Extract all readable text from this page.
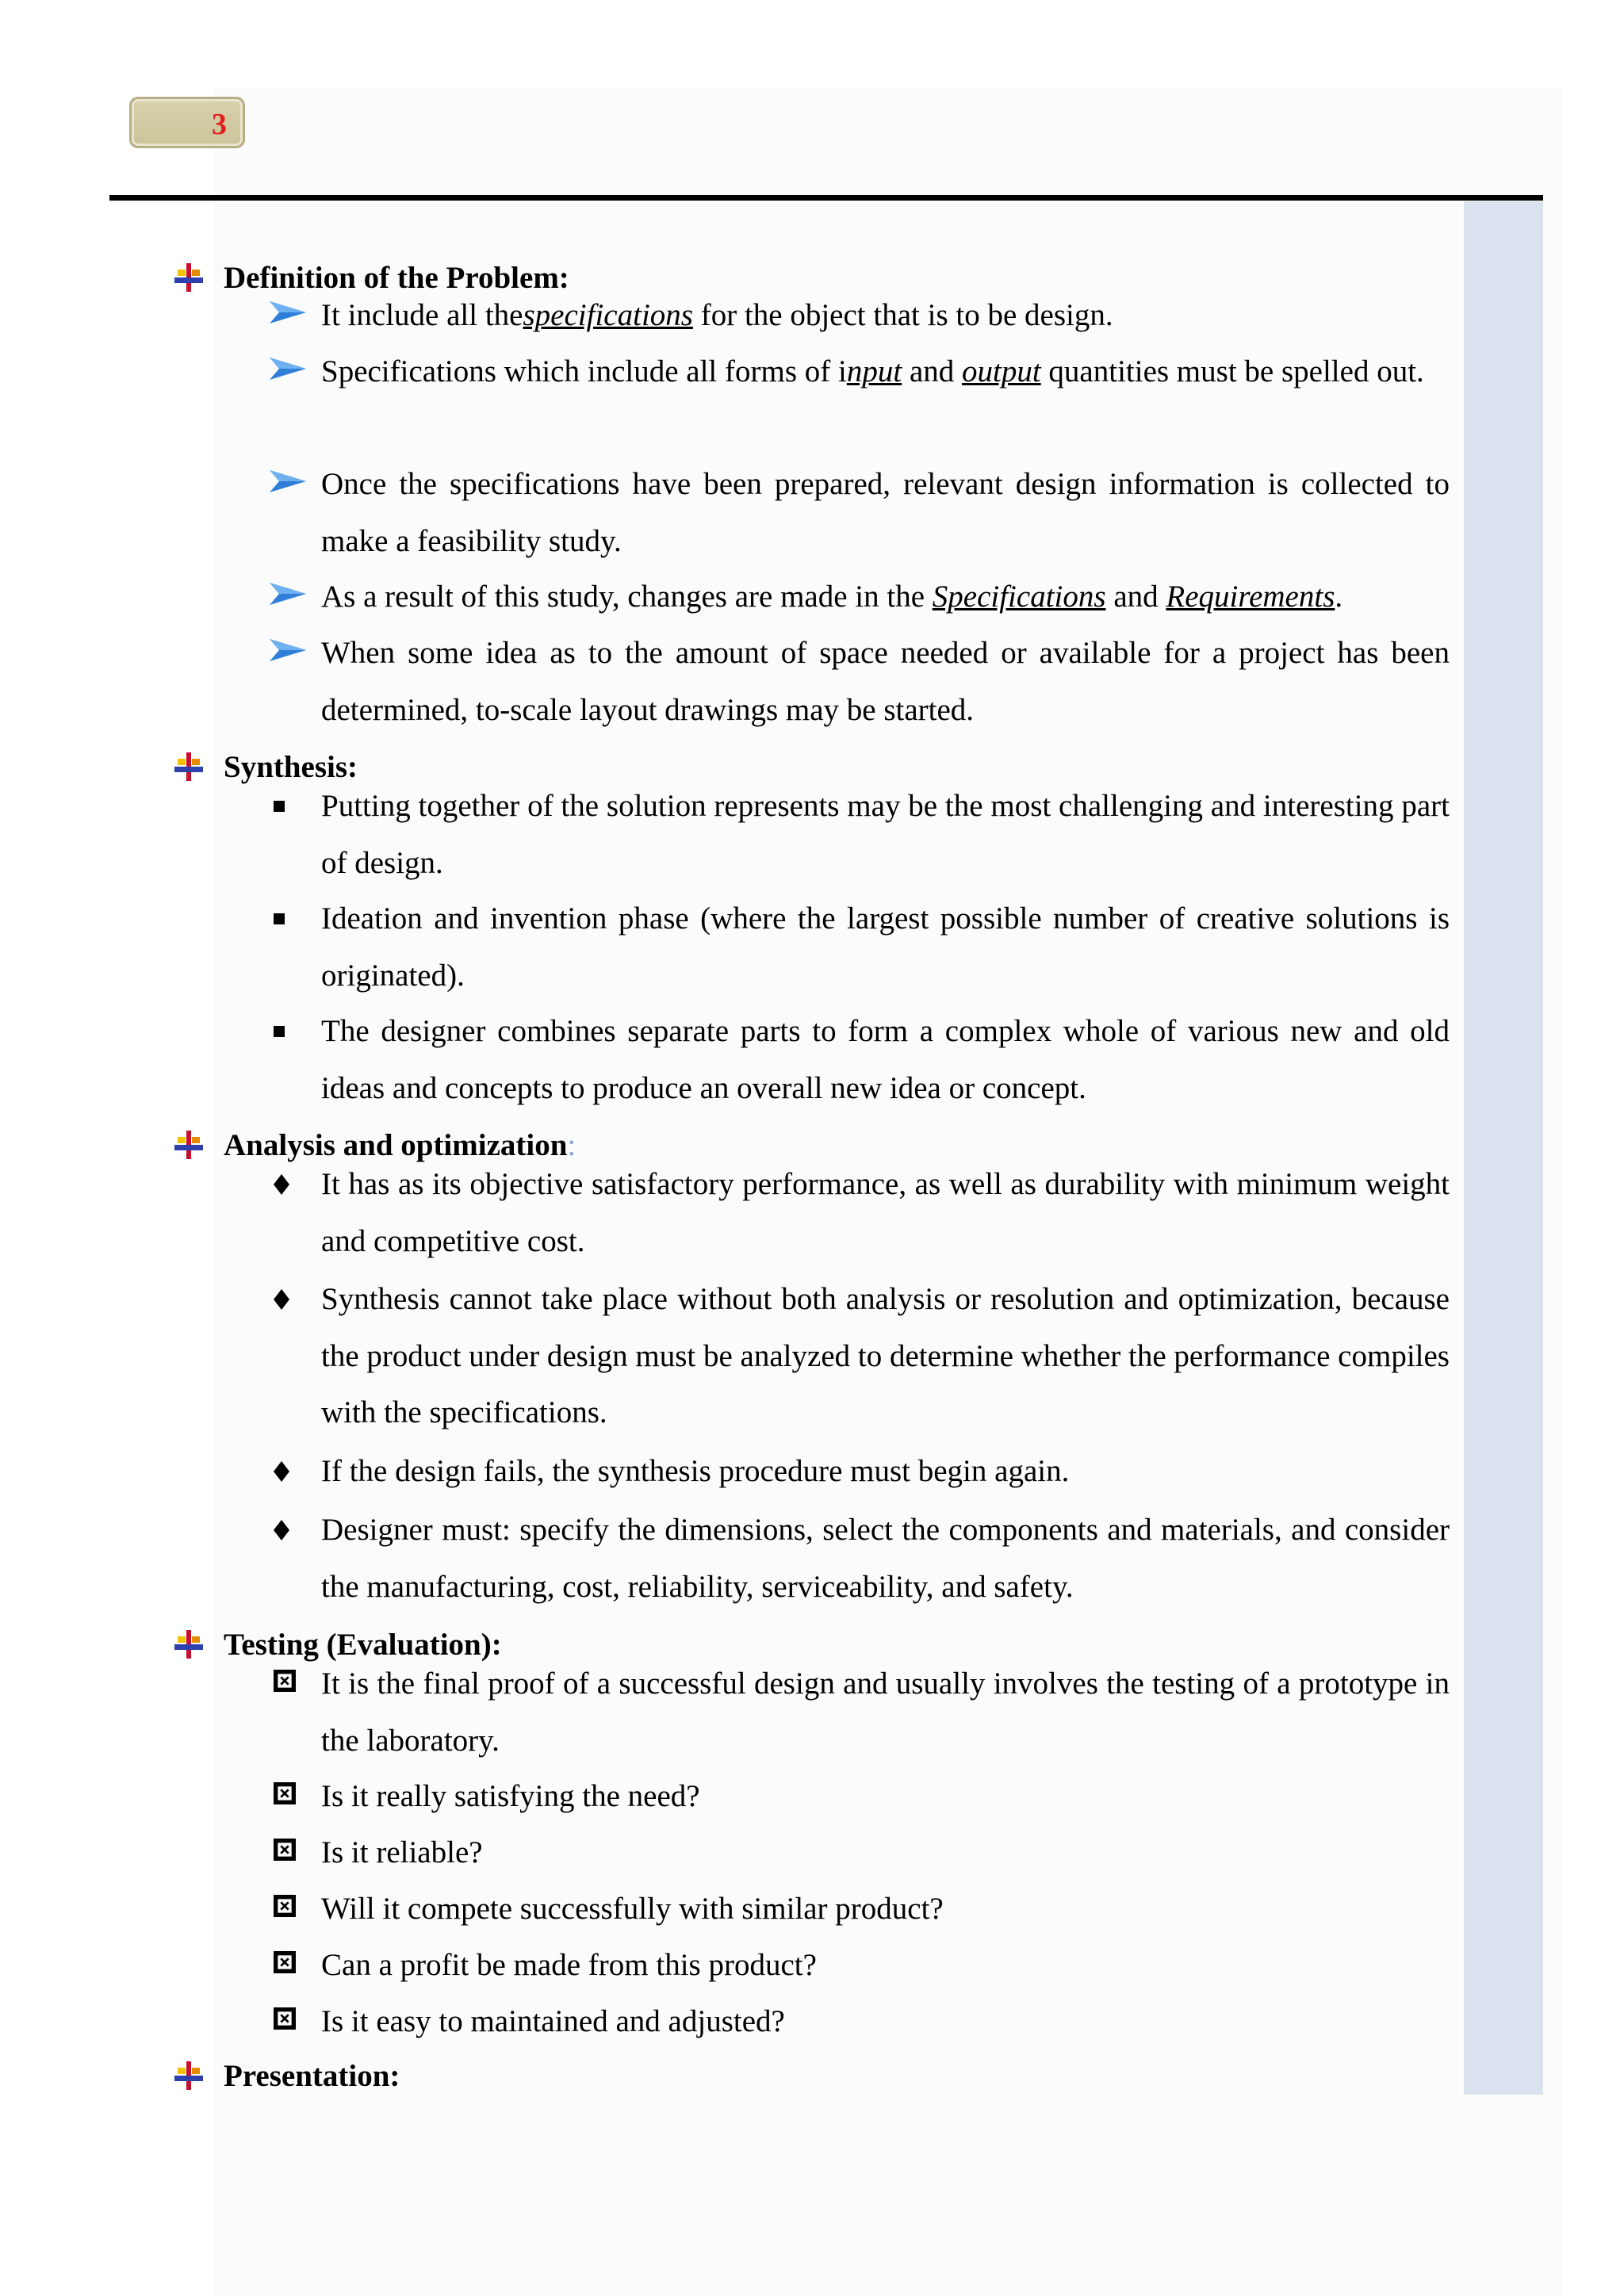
3
Definition of the Problem:
It include all thespecifications for the object that is to be design.
Specifications which include all forms of input and output quantities must be spelled out.
Once the specifications have been prepared, relevant design information is collected to make a feasibility study.
As a result of this study, changes are made in the Specifications and Requirements.
When some idea as to the amount of space needed or available for a project has been determined, to-scale layout drawings may be started.
Synthesis:
Putting together of the solution represents may be the most challenging and interesting part of design.
Ideation and invention phase (where the largest possible number of creative solutions is originated).
The designer combines separate parts to form a complex whole of various new and old ideas and concepts to produce an overall new idea or concept.
Analysis and optimization:
It has as its objective satisfactory performance, as well as durability with minimum weight and competitive cost.
Synthesis cannot take place without both analysis or resolution and optimization, because the product under design must be analyzed to determine whether the performance compiles with the specifications.
If the design fails, the synthesis procedure must begin again.
Designer must: specify the dimensions, select the components and materials, and consider the manufacturing, cost, reliability, serviceability, and safety.
Testing (Evaluation):
It is the final proof of a successful design and usually involves the testing of a prototype in the laboratory.
Is it really satisfying the need?
Is it reliable?
Will it compete successfully with similar product?
Can a profit be made from this product?
Is it easy to maintained and adjusted?
Presentation:
